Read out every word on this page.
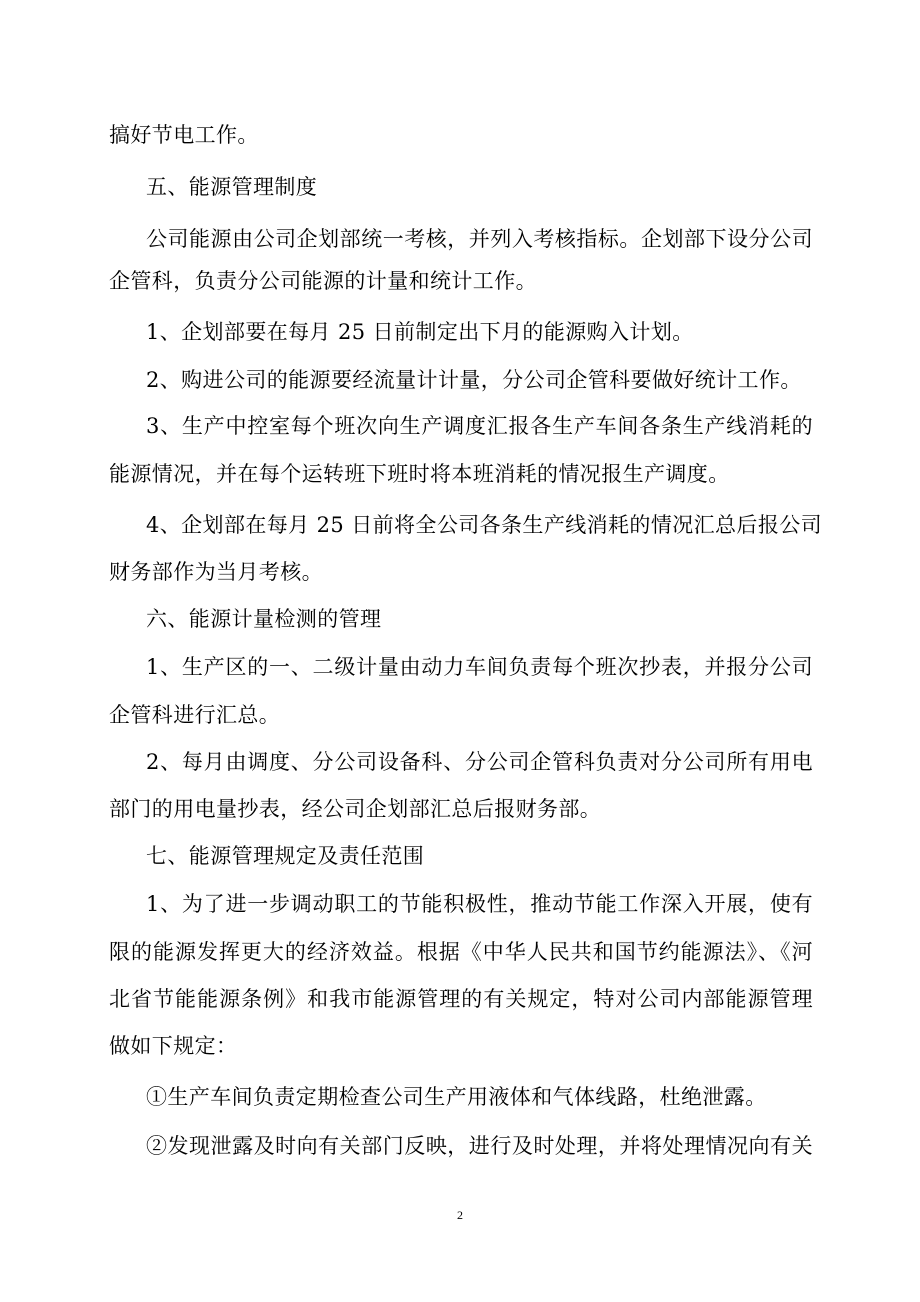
搞好节电工作。
五、能源管理制度
公司能源由公司企划部统一考核，并列入考核指标。企划部下设分公司
企管科，负责分公司能源的计量和统计工作。
1、企划部要在每月 25 日前制定出下月的能源购入计划。
2、购进公司的能源要经流量计计量，分公司企管科要做好统计工作。
3、生产中控室每个班次向生产调度汇报各生产车间各条生产线消耗的
能源情况，并在每个运转班下班时将本班消耗的情况报生产调度。
4、企划部在每月 25 日前将全公司各条生产线消耗的情况汇总后报公司
财务部作为当月考核。
六、能源计量检测的管理
1、生产区的一、二级计量由动力车间负责每个班次抄表，并报分公司
企管科进行汇总。
2、每月由调度、分公司设备科、分公司企管科负责对分公司所有用电
部门的用电量抄表，经公司企划部汇总后报财务部。
七、能源管理规定及责任范围
1、为了进一步调动职工的节能积极性，推动节能工作深入开展，使有
限的能源发挥更大的经济效益。根据《中华人民共和国节约能源法》、《河
北省节能能源条例》和我市能源管理的有关规定，特对公司内部能源管理
做如下规定：
①生产车间负责定期检查公司生产用液体和气体线路，杜绝泄露。
②发现泄露及时向有关部门反映，进行及时处理，并将处理情况向有关
2
